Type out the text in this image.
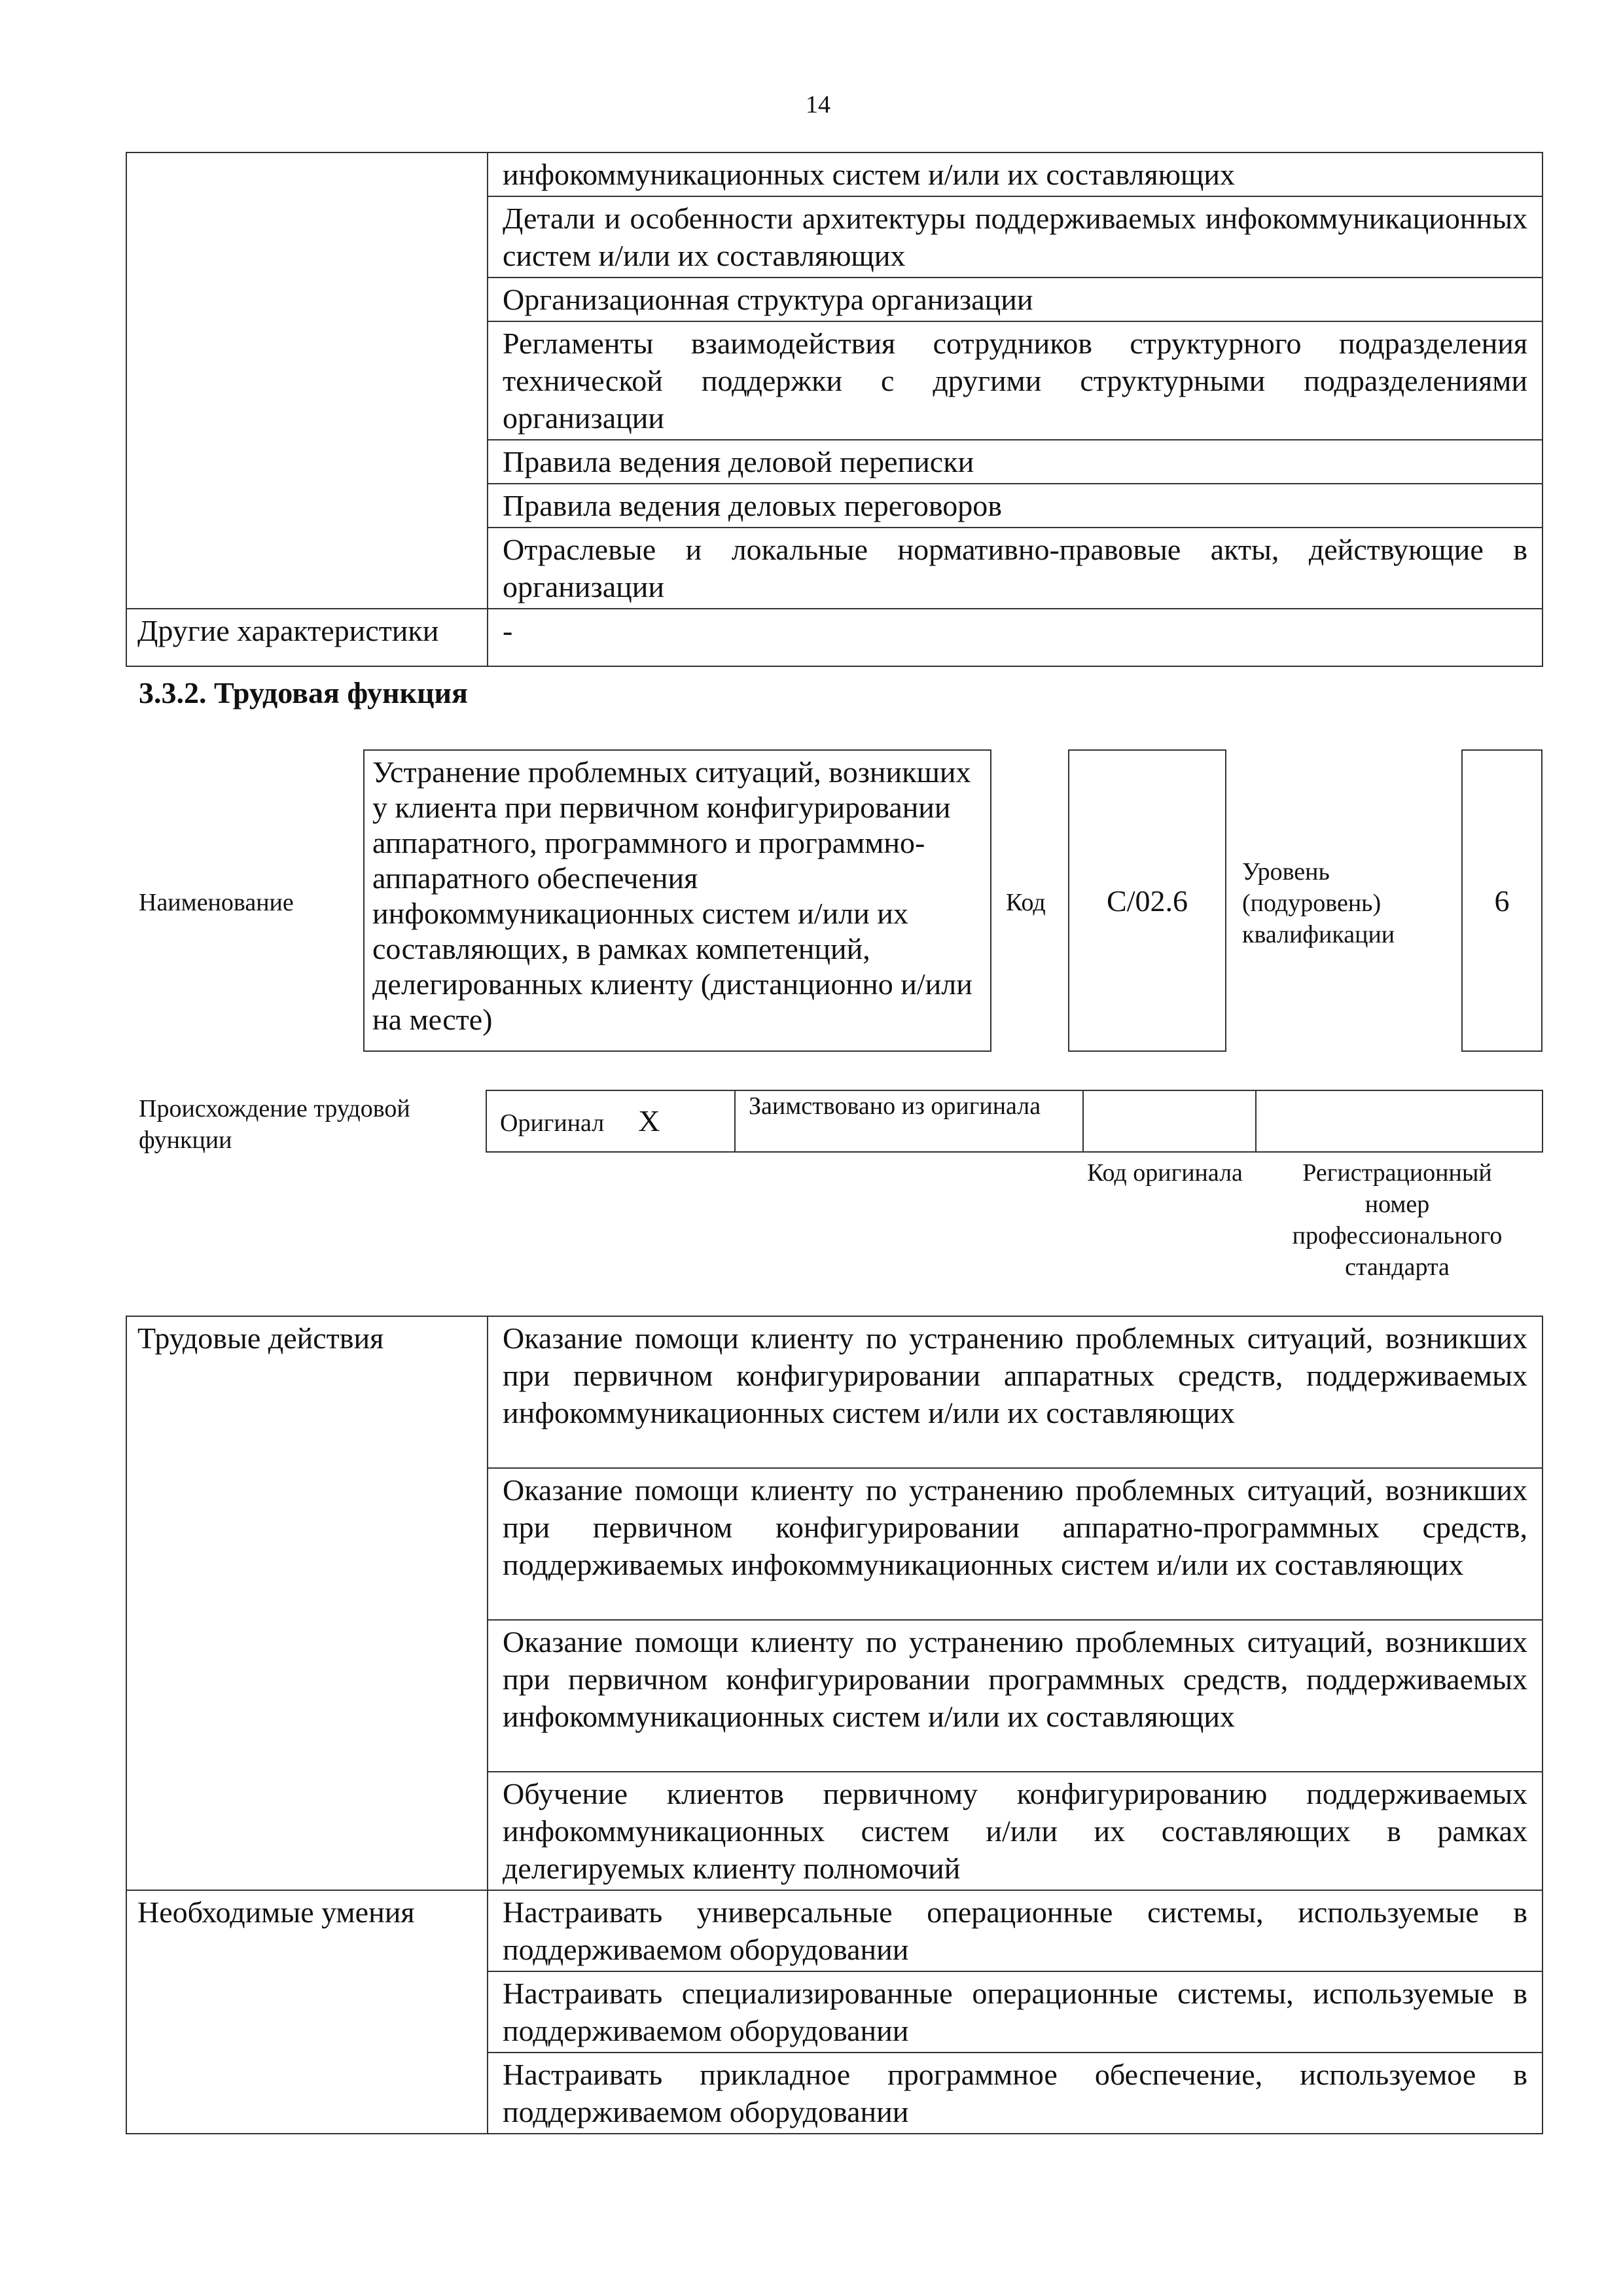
14

	инфокоммуникационных систем и/или их составляющих

	Детали и особенности архитектуры поддерживаемых инфокоммуникационных систем и/или их составляющих

	Организационная структура организации

	Регламенты взаимодействия сотрудников структурного подразделения технической поддержки с другими структурными подразделениями организации

	Правила ведения деловой переписки

	Правила ведения деловых переговоров

	Отраслевые и локальные нормативно-правовые акты, действующие в организации

Другие характеристики	-
3.3.2. Трудовая функция
Наименование
Устранение проблемных ситуаций, возникших у клиента при первичном конфигурировании аппаратного, программного и программно-аппаратного обеспечения инфокоммуникационных систем и/или их составляющих, в рамках компетенций, делегированных клиенту (дистанционно и/или на месте)
Код C/02.6
Уровень (подуровень) квалификации
6
Происхождение трудовой функции
Оригинал X	Заимствовано из оригинала

Код оригинала	Регистрационный номер профессионального стандарта
Трудовые действия	Оказание помощи клиенту по устранению проблемных ситуаций, возникших при первичном конфигурировании аппаратных средств, поддерживаемых инфокоммуникационных систем и/или их составляющих

	Оказание помощи клиенту по устранению проблемных ситуаций, возникших при первичном конфигурировании аппаратно-программных средств, поддерживаемых инфокоммуникационных систем и/или их составляющих

	Оказание помощи клиенту по устранению проблемных ситуаций, возникших при первичном конфигурировании программных средств, поддерживаемых инфокоммуникационных систем и/или их составляющих

	Обучение клиентов первичному конфигурированию поддерживаемых инфокоммуникационных систем и/или их составляющих в рамках делегируемых клиенту полномочий

Необходимые умения	Настраивать универсальные операционные системы, используемые в поддерживаемом оборудовании

	Настраивать специализированные операционные системы, используемые в поддерживаемом оборудовании

	Настраивать прикладное программное обеспечение, используемое в поддерживаемом оборудовании
